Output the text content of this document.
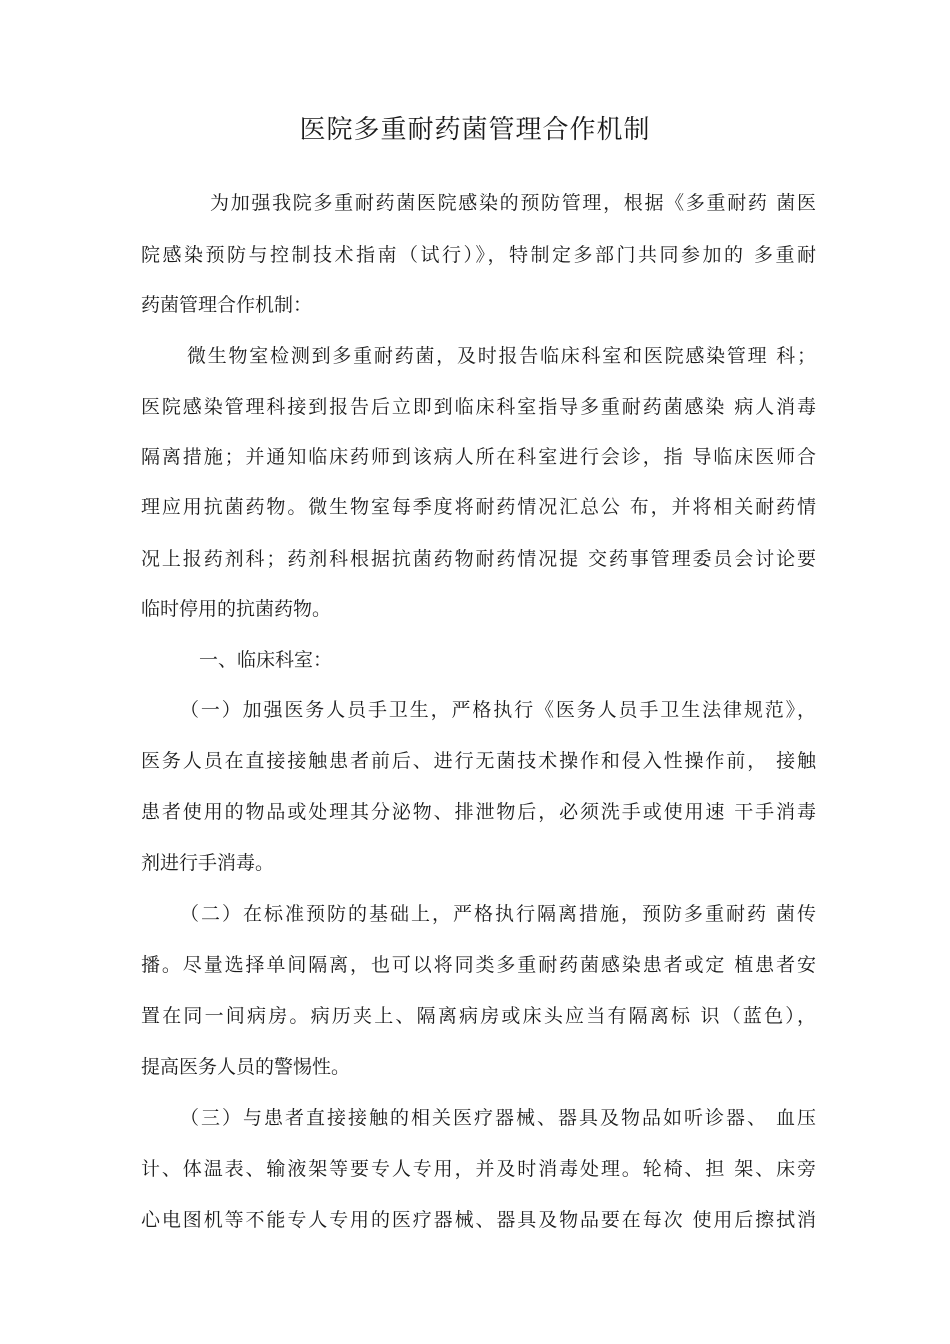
医院多重耐药菌管理合作机制
为加强我院多重耐药菌医院感染的预防管理，根据《多重耐药 菌医
院感染预防与控制技术指南（试行）》，特制定多部门共同参加的 多重耐
药菌管理合作机制：
微生物室检测到多重耐药菌，及时报告临床科室和医院感染管理 科；
医院感染管理科接到报告后立即到临床科室指导多重耐药菌感染 病人消毒
隔离措施；并通知临床药师到该病人所在科室进行会诊，指 导临床医师合
理应用抗菌药物。微生物室每季度将耐药情况汇总公 布，并将相关耐药情
况上报药剂科；药剂科根据抗菌药物耐药情况提 交药事管理委员会讨论要
临时停用的抗菌药物。
一、临床科室：
（一）加强医务人员手卫生，严格执行《医务人员手卫生法律规范》，
医务人员在直接接触患者前后、进行无菌技术操作和侵入性操作前， 接触
患者使用的物品或处理其分泌物、排泄物后，必须洗手或使用速 干手消毒
剂进行手消毒。
（二）在标准预防的基础上，严格执行隔离措施，预防多重耐药 菌传
播。尽量选择单间隔离，也可以将同类多重耐药菌感染患者或定 植患者安
置在同一间病房。病历夹上、隔离病房或床头应当有隔离标 识（蓝色），
提高医务人员的警惕性。
（三）与患者直接接触的相关医疗器械、器具及物品如听诊器、 血压
计、体温表、输液架等要专人专用，并及时消毒处理。轮椅、担 架、床旁
心电图机等不能专人专用的医疗器械、器具及物品要在每次 使用后擦拭消
